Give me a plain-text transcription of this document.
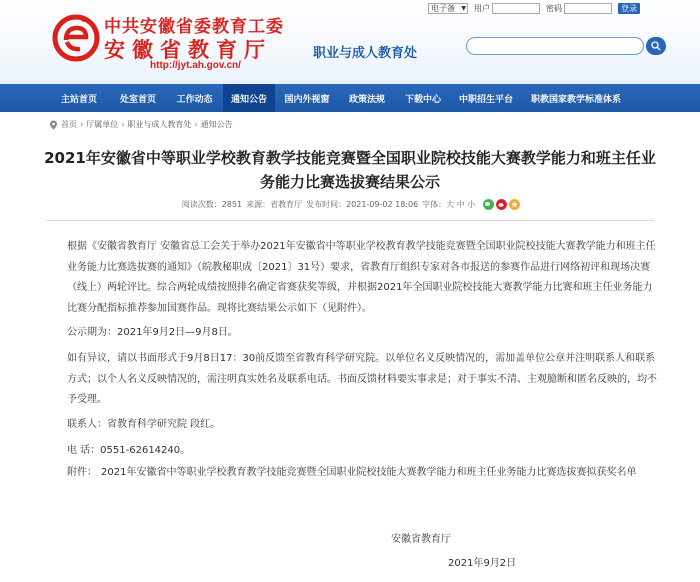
中共安徽省委教育工委
安徽省教育厅
http://jyt.ah.gov.cn/
职业与成人教育处
电子备 ▼ 用户	密码	登录
主站首页	处室首页	工作动态	通知公告	国内外视窗	政策法规	下载中心	中职招生平台	职教国家教学标准体系
首页 › 厅属单位 › 职业与成人教育处 › 通知公告
2021年安徽省中等职业学校教育教学技能竞赛暨全国职业院校技能大赛教学能力和班主任业务能力比赛选拔赛结果公示
阅读次数：2851 来源：省教育厅 发布时间：2021-09-02 18:06 字体：大 中 小
根据《安徽省教育厅 安徽省总工会关于举办2021年安徽省中等职业学校教育教学技能竞赛暨全国职业院校技能大赛教学能力和班主任业务能力比赛选拔赛的通知》（皖教秘职成〔2021〕31号）要求，省教育厅组织专家对各市报送的参赛作品进行网络初评和现场决赛（线上）两轮评比。综合两轮成绩按照排名确定省赛获奖等级，并根据2021年全国职业院校技能大赛教学能力比赛和班主任业务能力比赛分配指标推荐参加国赛作品。现将比赛结果公示如下（见附件）。
公示期为：2021年9月2日—9月8日。
如有异议，请以书面形式于9月8日17：30前反馈至省教育科学研究院。以单位名义反映情况的，需加盖单位公章并注明联系人和联系方式；以个人名义反映情况的，需注明真实姓名及联系电话。书面反馈材料要实事求是；对于事实不清、主观臆断和匿名反映的，均不予受理。
联系人：省教育科学研究院 段红。
电 话：0551-62614240。
附件： 2021年安徽省中等职业学校教育教学技能竞赛暨全国职业院校技能大赛教学能力和班主任业务能力比赛选拔赛拟获奖名单
安徽省教育厅
2021年9月2日
